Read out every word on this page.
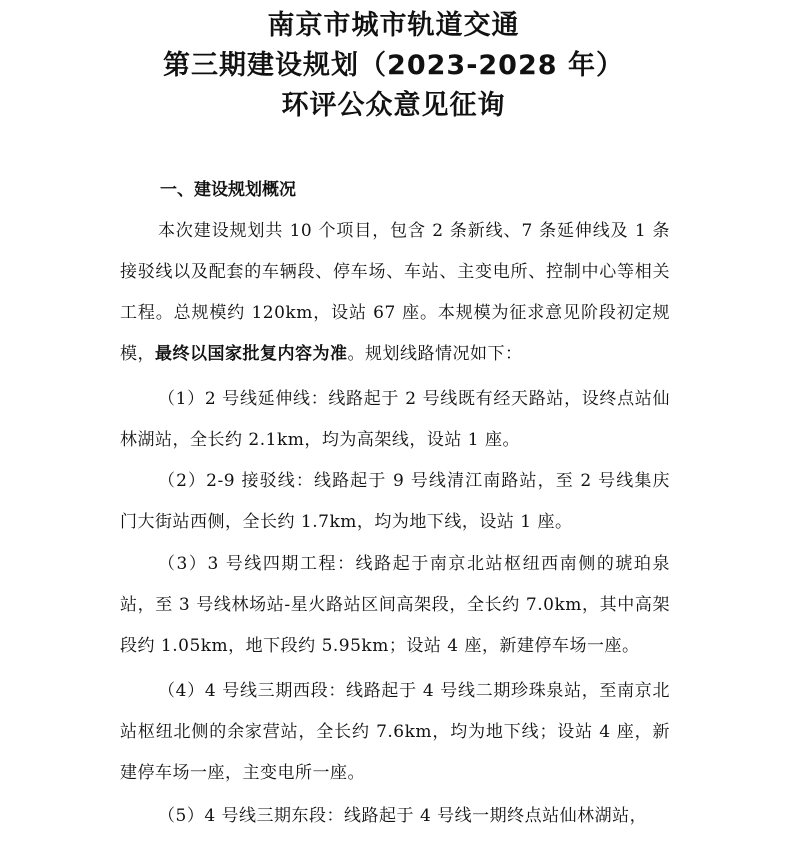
南京市城市轨道交通

第三期建设规划（2023-2028 年）

环评公众意见征询

一、建设规划概况

本次建设规划共 10 个项目，包含 2 条新线、7 条延伸线及 1 条接驳线以及配套的车辆段、停车场、车站、主变电所、控制中心等相关工程。总规模约 120km，设站 67 座。本规模为征求意见阶段初定规模，最终以国家批复内容为准。规划线路情况如下：

（1）2 号线延伸线：线路起于 2 号线既有经天路站，设终点站仙林湖站，全长约 2.1km，均为高架线，设站 1 座。

（2）2-9 接驳线：线路起于 9 号线清江南路站，至 2 号线集庆门大街站西侧，全长约 1.7km，均为地下线，设站 1 座。

（3）3 号线四期工程：线路起于南京北站枢纽西南侧的琥珀泉站，至 3 号线林场站-星火路站区间高架段，全长约 7.0km，其中高架段约 1.05km，地下段约 5.95km；设站 4 座，新建停车场一座。

（4）4 号线三期西段：线路起于 4 号线二期珍珠泉站，至南京北站枢纽北侧的余家营站，全长约 7.6km，均为地下线；设站 4 座，新建停车场一座，主变电所一座。

（5）4 号线三期东段：线路起于 4 号线一期终点站仙林湖站，
